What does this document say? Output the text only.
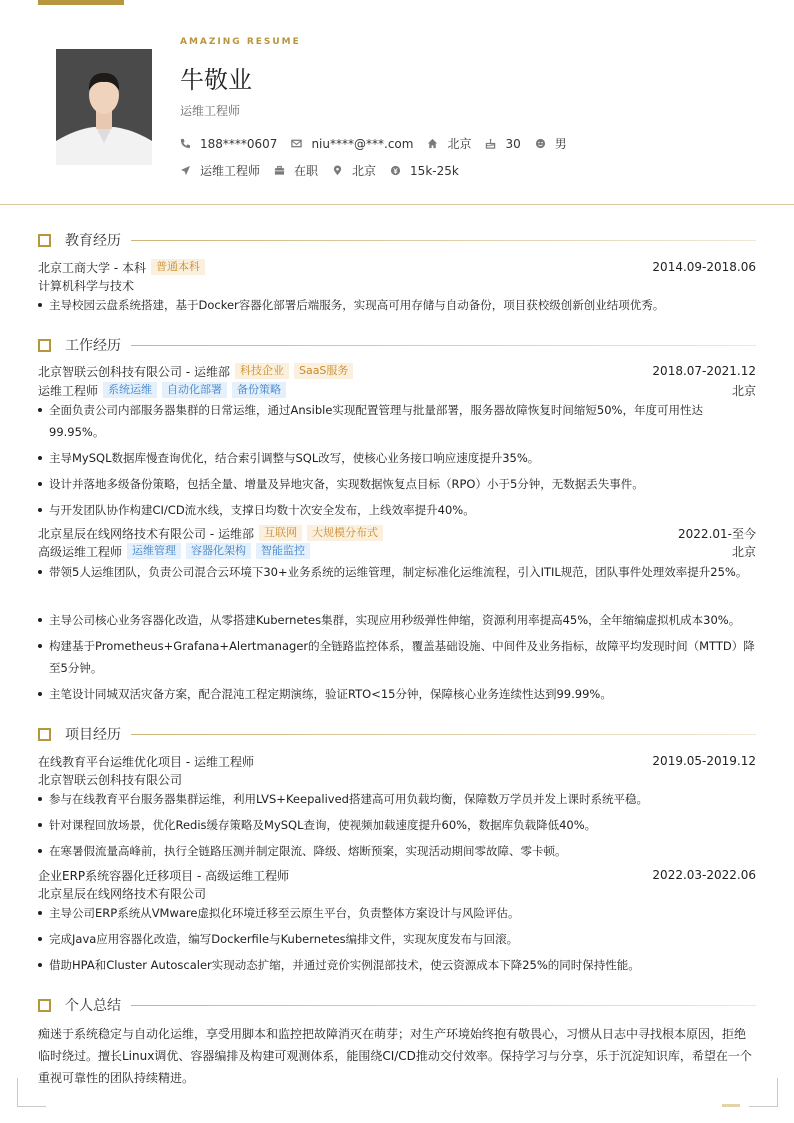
AMAZING RESUME
牛敬业
运维工程师
188****0607	niu****@***.com	北京	30	男
运维工程师	在职	北京	15k-25k
教育经历
北京工商大学 - 本科 普通本科	2014.09-2018.06
计算机科学与技术
主导校园云盘系统搭建，基于Docker容器化部署后端服务，实现高可用存储与自动备份，项目获校级创新创业结项优秀。
工作经历
北京智联云创科技有限公司 - 运维部 科技企业	SaaS服务	2018.07-2021.12
运维工程师 系统运维	自动化部署	备份策略	北京
全面负责公司内部服务器集群的日常运维，通过Ansible实现配置管理与批量部署，服务器故障恢复时间缩短50%，年度可用性达99.95%。
主导MySQL数据库慢查询优化，结合索引调整与SQL改写，使核心业务接口响应速度提升35%。
设计并落地多级备份策略，包括全量、增量及异地灾备，实现数据恢复点目标（RPO）小于5分钟，无数据丢失事件。
与开发团队协作构建CI/CD流水线，支撑日均数十次安全发布，上线效率提升40%。
北京星辰在线网络技术有限公司 - 运维部 互联网	大规模分布式	2022.01-至今
高级运维工程师 运维管理	容器化架构	智能监控	北京
带领5人运维团队，负责公司混合云环境下30+业务系统的运维管理，制定标准化运维流程，引入ITIL规范，团队事件处理效率提升25%。
主导公司核心业务容器化改造，从零搭建Kubernetes集群，实现应用秒级弹性伸缩，资源利用率提高45%，全年缩编虚拟机成本30%。
构建基于Prometheus+Grafana+Alertmanager的全链路监控体系，覆盖基础设施、中间件及业务指标，故障平均发现时间（MTTD）降至5分钟。
主笔设计同城双活灾备方案，配合混沌工程定期演练，验证RTO<15分钟，保障核心业务连续性达到99.99%。
项目经历
在线教育平台运维优化项目 - 运维工程师	2019.05-2019.12
北京智联云创科技有限公司
参与在线教育平台服务器集群运维，利用LVS+Keepalived搭建高可用负载均衡，保障数万学员并发上课时系统平稳。
针对课程回放场景，优化Redis缓存策略及MySQL查询，使视频加载速度提升60%，数据库负载降低40%。
在寒暑假流量高峰前，执行全链路压测并制定限流、降级、熔断预案，实现活动期间零故障、零卡顿。
企业ERP系统容器化迁移项目 - 高级运维工程师	2022.03-2022.06
北京星辰在线网络技术有限公司
主导公司ERP系统从VMware虚拟化环境迁移至云原生平台，负责整体方案设计与风险评估。
完成Java应用容器化改造，编写Dockerfile与Kubernetes编排文件，实现灰度发布与回滚。
借助HPA和Cluster Autoscaler实现动态扩缩，并通过竞价实例混部技术，使云资源成本下降25%的同时保持性能。
个人总结
痴迷于系统稳定与自动化运维，享受用脚本和监控把故障消灭在萌芽；对生产环境始终抱有敬畏心，习惯从日志中寻找根本原因，拒绝临时绕过。擅长Linux调优、容器编排及构建可观测体系，能围绕CI/CD推动交付效率。保持学习与分享，乐于沉淀知识库，希望在一个重视可靠性的团队持续精进。
